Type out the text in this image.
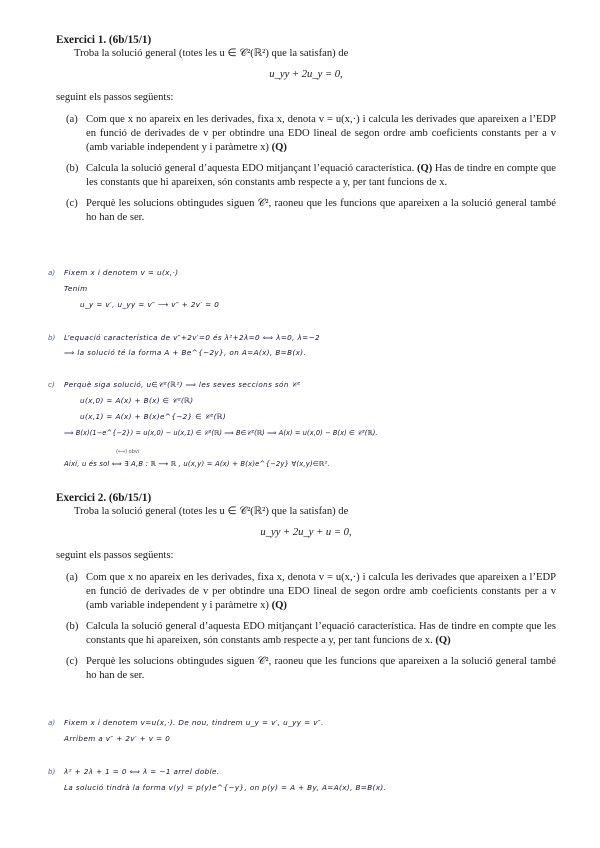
Exercici 1. (6b/15/1)
Troba la solució general (totes les u ∈ 𝒞²(ℝ²) que la satisfan) de
u_yy + 2u_y = 0,
seguint els passos següents:
(a) Com que x no apareix en les derivades, fixa x, denota v = u(x,·) i calcula les derivades que apareixen a l’EDP en funció de derivades de v per obtindre una EDO lineal de segon ordre amb coeficients constants per a v (amb variable independent y i paràmetre x) (Q)
(b) Calcula la solució general d’aquesta EDO mitjançant l’equació característica. (Q) Has de tindre en compte que les constants que hi apareixen, són constants amb respecte a y, per tant funcions de x.
(c) Perquè les solucions obtingudes siguen 𝒞², raoneu que les funcions que apareixen a la solució general també ho han de ser.
a) Fixem x i denotem v = u(x,·)
Tenim
u_y = v′, u_yy = v″ ⟶ v″ + 2v′ = 0
b) L’equació característica de v″+2v′=0 és λ²+2λ=0 ⟺ λ=0, λ=−2
⟹ la solució té la forma A + Be^{−2y}, on A=A(x), B=B(x).
c) Perquè siga solució, u∈𝒞²(ℝ²) ⟹ les seves seccions són 𝒞²
u(x,0) = A(x) + B(x) ∈ 𝒞²(ℝ)
u(x,1) = A(x) + B(x)e^{−2} ∈ 𝒞²(ℝ)
⟹ B(x)(1−e^{−2}) = u(x,0) − u(x,1) ∈ 𝒞²(ℝ) ⟹ B∈𝒞²(ℝ) ⟹ A(x) = u(x,0) − B(x) ∈ 𝒞²(ℝ).
(⟺) obvi
Així, u és sol ⟺ ∃ A,B : ℝ ⟶ ℝ , u(x,y) = A(x) + B(x)e^{−2y} ∀(x,y)∈ℝ².
Exercici 2. (6b/15/1)
Troba la solució general (totes les u ∈ 𝒞²(ℝ²) que la satisfan) de
u_yy + 2u_y + u = 0,
seguint els passos següents:
(a) Com que x no apareix en les derivades, fixa x, denota v = u(x,·) i calcula les derivades que apareixen a l’EDP en funció de derivades de v per obtindre una EDO lineal de segon ordre amb coeficients constants per a v (amb variable independent y i paràmetre x) (Q)
(b) Calcula la solució general d’aquesta EDO mitjançant l’equació característica. Has de tindre en compte que les constants que hi apareixen, són constants amb respecte a y, per tant funcions de x. (Q)
(c) Perquè les solucions obtingudes siguen 𝒞², raoneu que les funcions que apareixen a la solució general també ho han de ser.
a) Fixem x i denotem v=u(x,·). De nou, tindrem u_y = v′, u_yy = v″.
Arribem a v″ + 2v′ + v = 0
b) λ² + 2λ + 1 = 0 ⟺ λ = −1 arrel doble.
La solució tindrà la forma v(y) = p(y)e^{−y}, on p(y) = A + By, A=A(x), B=B(x).
